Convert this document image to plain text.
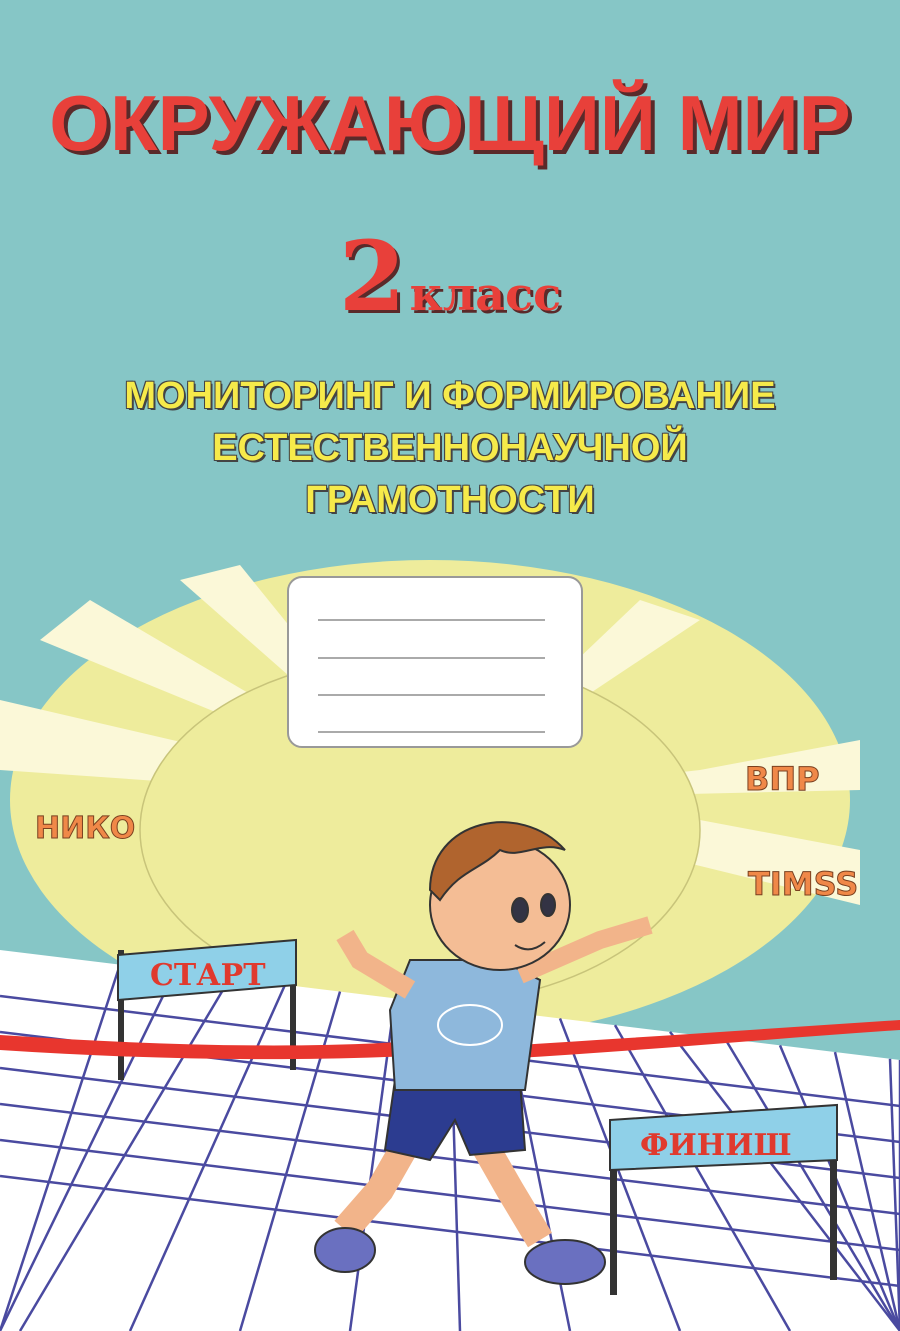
НИКО
ВПР
TIMSS
СТАРТ
ФИНИШ
ОКРУЖАЮЩИЙ МИР
2класс
МОНИТОРИНГ И ФОРМИРОВАНИЕ
ЕСТЕСТВЕННОНАУЧНОЙ
ГРАМОТНОСТИ
